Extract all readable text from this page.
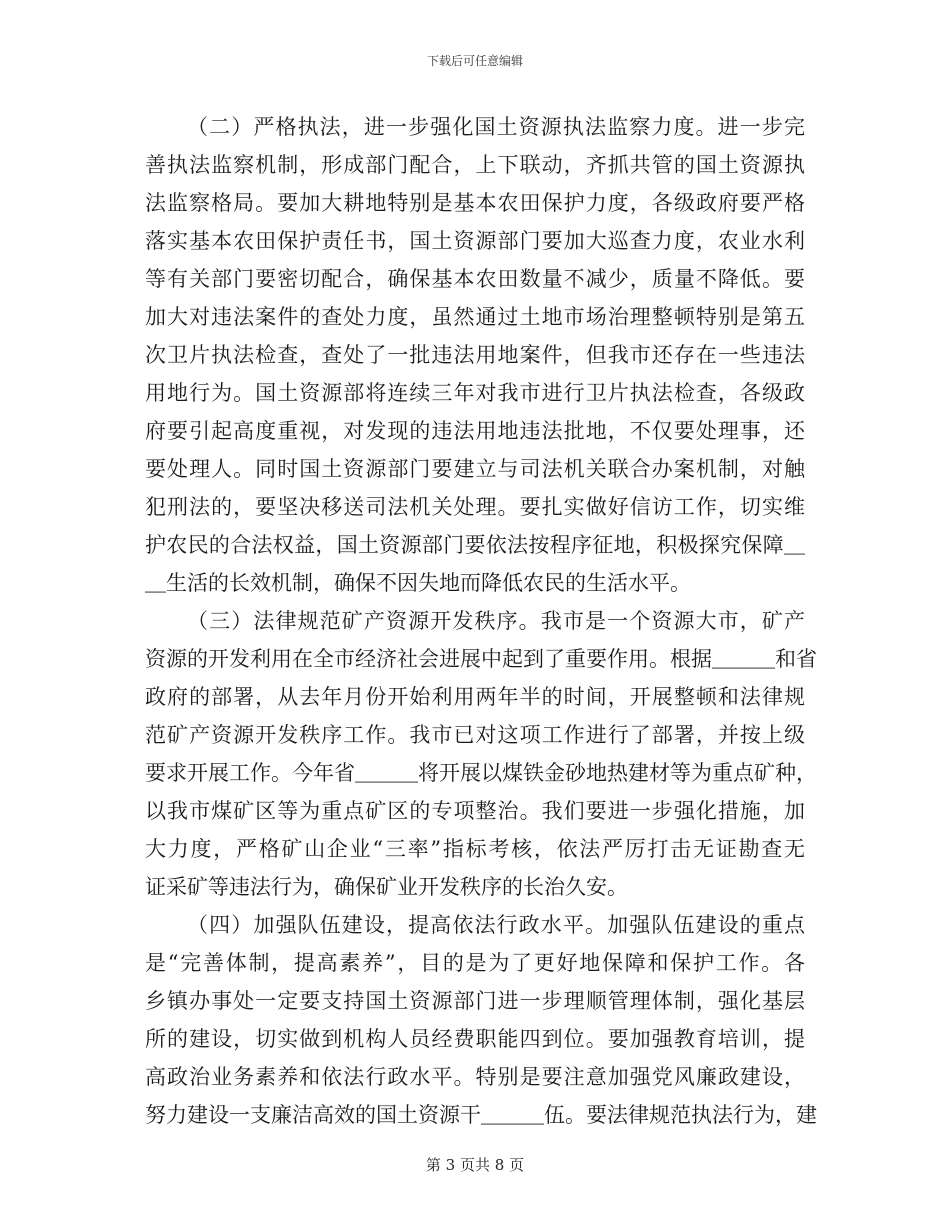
下载后可任意编辑
（二）严格执法，进一步强化国土资源执法监察力度。进一步完
善执法监察机制，形成部门配合，上下联动，齐抓共管的国土资源执
法监察格局。要加大耕地特别是基本农田保护力度，各级政府要严格
落实基本农田保护责任书，国土资源部门要加大巡查力度，农业水利
等有关部门要密切配合，确保基本农田数量不减少，质量不降低。要
加大对违法案件的查处力度，虽然通过土地市场治理整顿特别是第五
次卫片执法检查，查处了一批违法用地案件，但我市还存在一些违法
用地行为。国土资源部将连续三年对我市进行卫片执法检查，各级政
府要引起高度重视，对发现的违法用地违法批地，不仅要处理事，还
要处理人。同时国土资源部门要建立与司法机关联合办案机制，对触
犯刑法的，要坚决移送司法机关处理。要扎实做好信访工作，切实维
护农民的合法权益，国土资源部门要依法按程序征地，积极探究保障＿
＿生活的长效机制，确保不因失地而降低农民的生活水平。
（三）法律规范矿产资源开发秩序。我市是一个资源大市，矿产
资源的开发利用在全市经济社会进展中起到了重要作用。根据＿＿＿和省
政府的部署，从去年月份开始利用两年半的时间，开展整顿和法律规
范矿产资源开发秩序工作。我市已对这项工作进行了部署，并按上级
要求开展工作。今年省＿＿＿将开展以煤铁金砂地热建材等为重点矿种，
以我市煤矿区等为重点矿区的专项整治。我们要进一步强化措施，加
大力度，严格矿山企业“三率”指标考核，依法严厉打击无证勘查无
证采矿等违法行为，确保矿业开发秩序的长治久安。
（四）加强队伍建设，提高依法行政水平。加强队伍建设的重点
是“完善体制，提高素养”，目的是为了更好地保障和保护工作。各
乡镇办事处一定要支持国土资源部门进一步理顺管理体制，强化基层
所的建设，切实做到机构人员经费职能四到位。要加强教育培训，提
高政治业务素养和依法行政水平。特别是要注意加强党风廉政建设，
努力建设一支廉洁高效的国土资源干＿＿＿伍。要法律规范执法行为，建
第 3 页共 8 页
